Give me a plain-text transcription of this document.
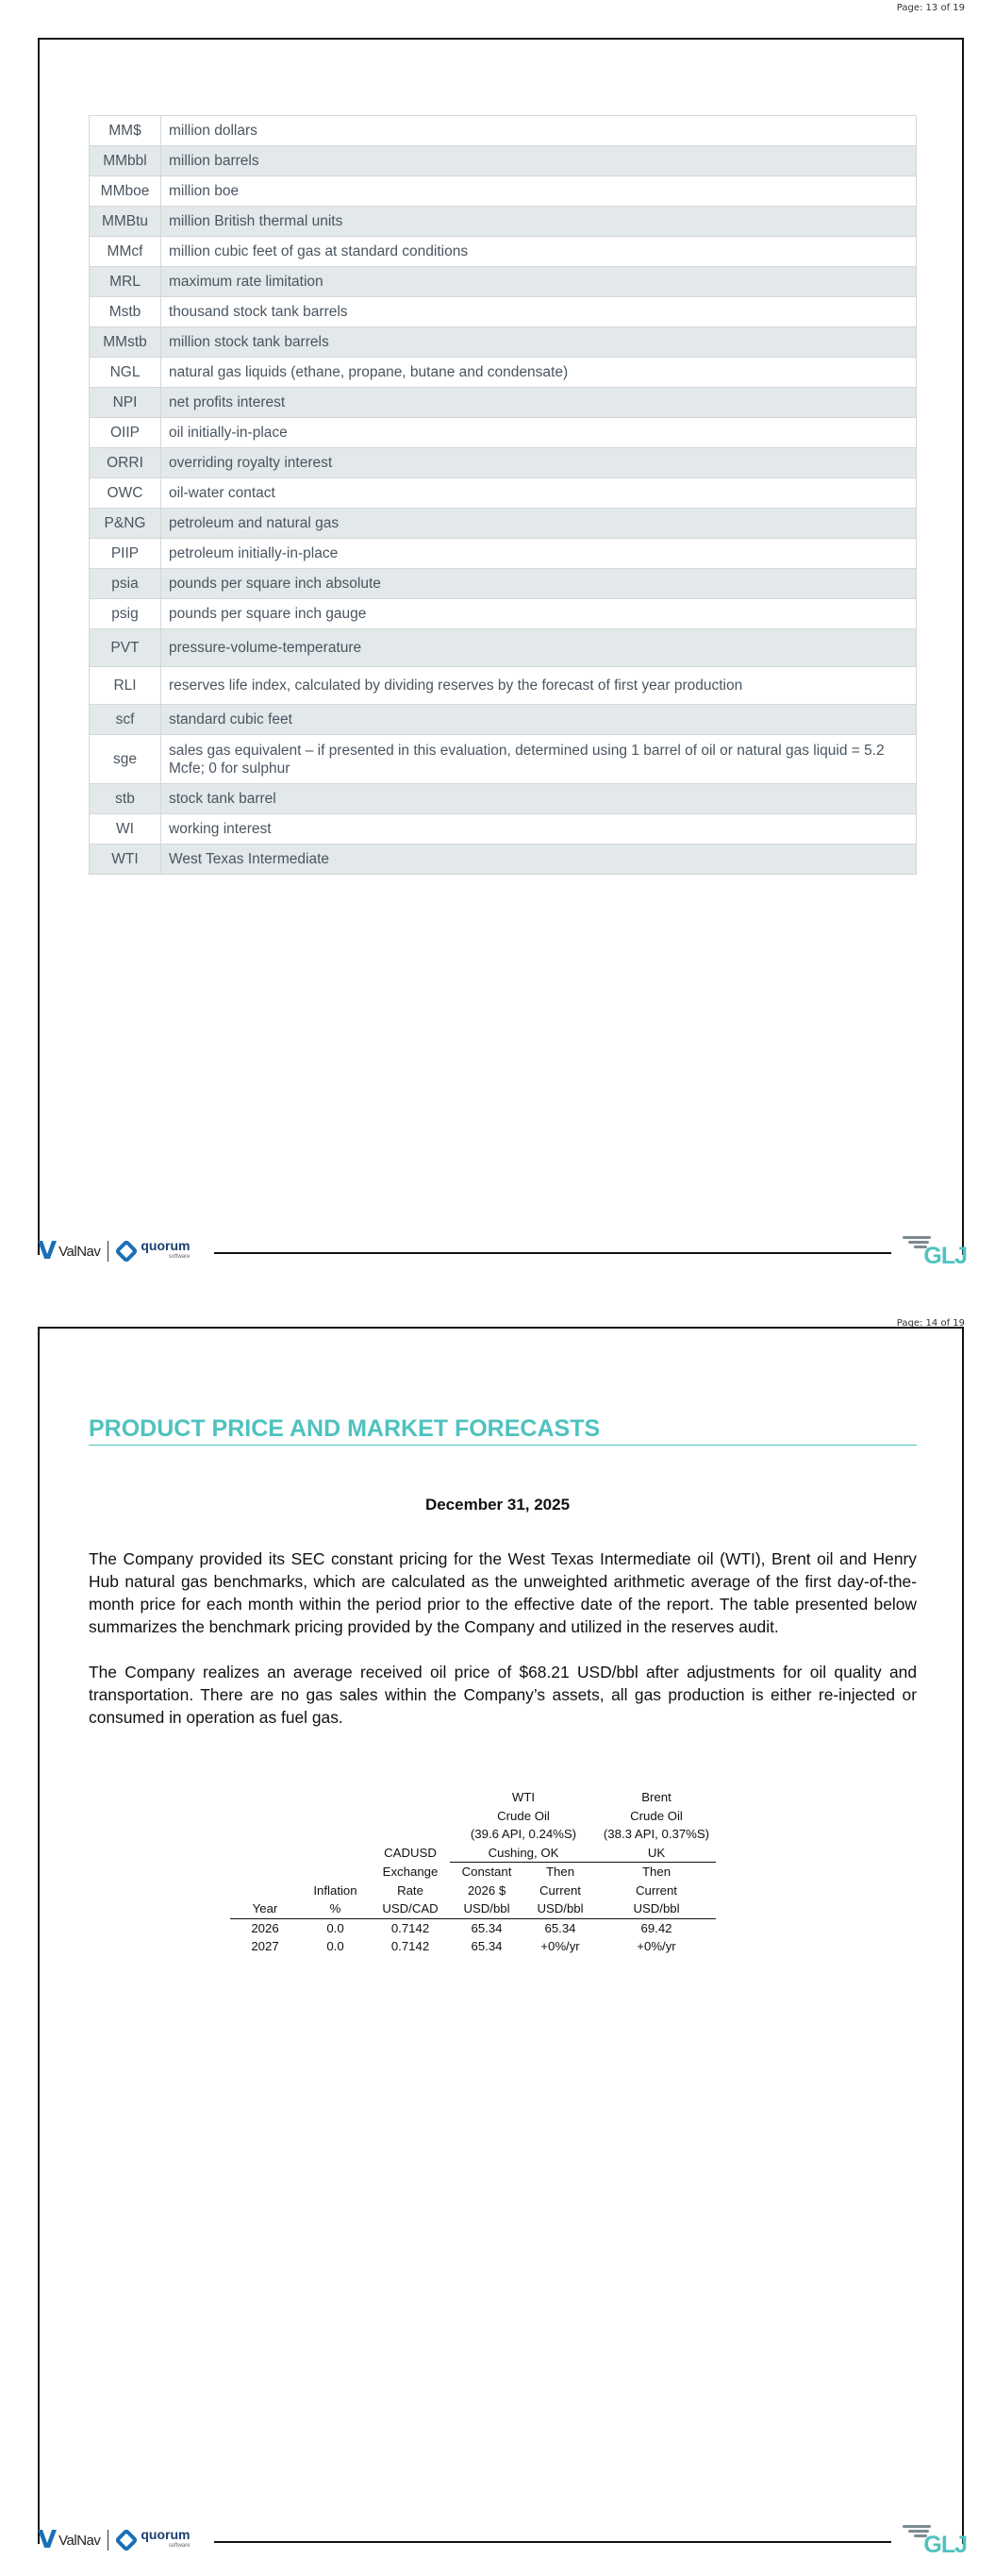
Page: 13 of 19
MM$	million dollars
MMbbl	million barrels
MMboe	million boe
MMBtu	million British thermal units
MMcf	million cubic feet of gas at standard conditions
MRL	maximum rate limitation
Mstb	thousand stock tank barrels
MMstb	million stock tank barrels
NGL	natural gas liquids (ethane, propane, butane and condensate)
NPI	net profits interest
OIIP	oil initially-in-place
ORRI	overriding royalty interest
OWC	oil-water contact
P&NG	petroleum and natural gas
PIIP	petroleum initially-in-place
psia	pounds per square inch absolute
psig	pounds per square inch gauge
PVT	pressure-volume-temperature
RLI	reserves life index, calculated by dividing reserves by the forecast of first year production
scf	standard cubic feet
sge	sales gas equivalent – if presented in this evaluation, determined using 1 barrel of oil or natural gas liquid = 5.2 Mcfe; 0 for sulphur
stb	stock tank barrel
WI	working interest
WTI	West Texas Intermediate
V ValNav	quorum
software	GLJ
Page: 14 of 19
PRODUCT PRICE AND MARKET FORECASTS
December 31, 2025

The Company provided its SEC constant pricing for the West Texas Intermediate oil (WTI), Brent oil and Henry Hub natural gas benchmarks, which are calculated as the unweighted arithmetic average of the first day-of-the-month price for each month within the period prior to the effective date of the report. The table presented below summarizes the benchmark pricing provided by the Company and utilized in the reserves audit.

The Company realizes an average received oil price of $68.21 USD/bbl after adjustments for oil quality and transportation. There are no gas sales within the Company’s assets, all gas production is either re-injected or consumed in operation as fuel gas.

			WTI		Brent
			Crude Oil		Crude Oil
			(39.6 API, 0.24%S)		(38.3 API, 0.37%S)
		CADUSD	Cushing, OK		UK
		Exchange	Constant	Then	Then
	Inflation	Rate	2026 $	Current	Current
Year	%	USD/CAD	USD/bbl	USD/bbl	USD/bbl
2026	0.0	0.7142	65.34	65.34	69.42
2027	0.0	0.7142	65.34	+0%/yr	+0%/yr
V ValNav	quorum
software	GLJ
